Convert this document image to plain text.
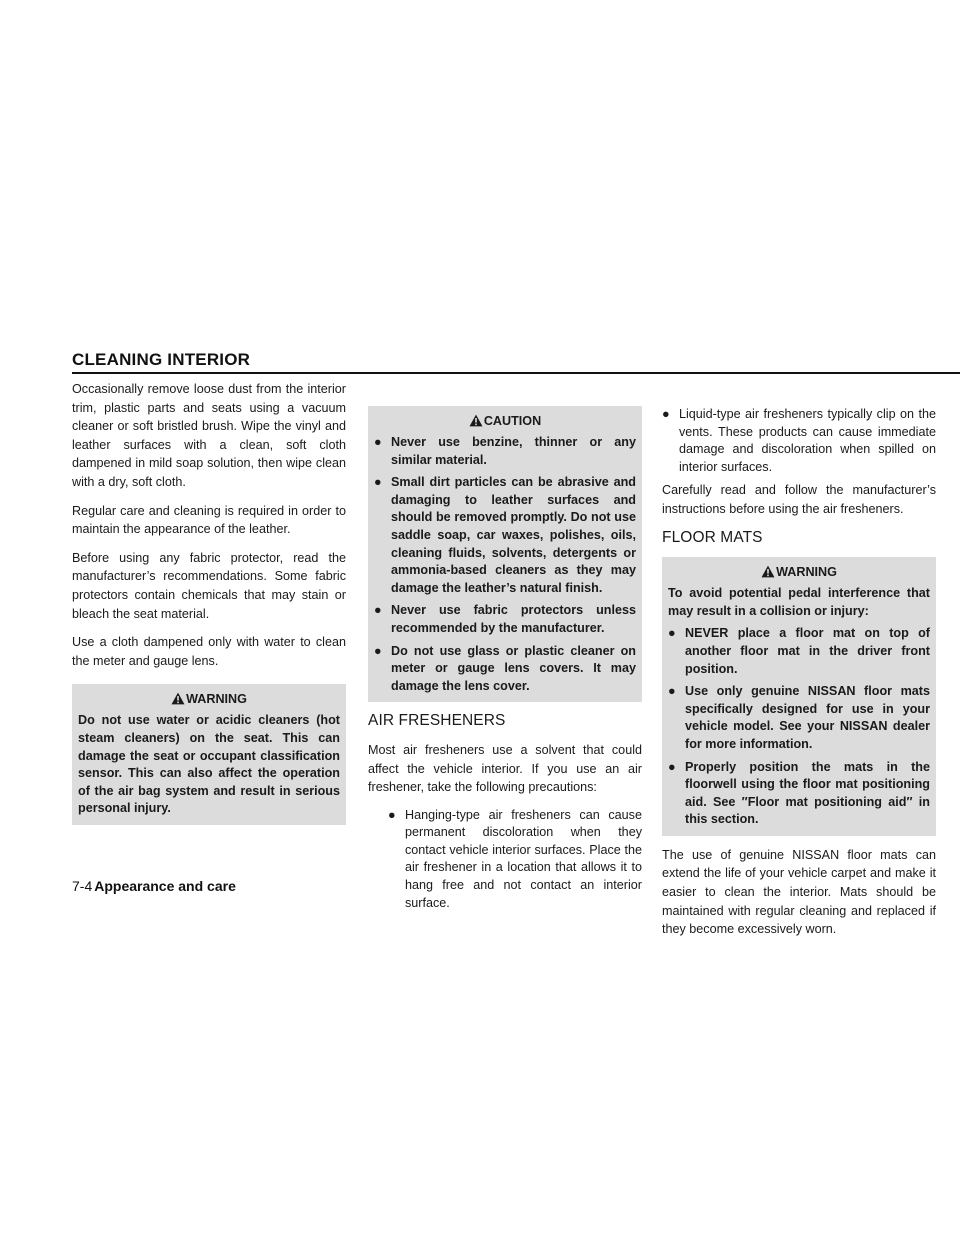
CLEANING INTERIOR

Occasionally remove loose dust from the interior trim, plastic parts and seats using a vacuum cleaner or soft bristled brush. Wipe the vinyl and leather surfaces with a clean, soft cloth dampened in mild soap solution, then wipe clean with a dry, soft cloth.

Regular care and cleaning is required in order to maintain the appearance of the leather.

Before using any fabric protector, read the manufacturer’s recommendations. Some fabric protectors contain chemicals that may stain or bleach the seat material.

Use a cloth dampened only with water to clean the meter and gauge lens.

WARNING

Do not use water or acidic cleaners (hot steam cleaners) on the seat. This can damage the seat or occupant classification sensor. This can also affect the operation of the air bag system and result in serious personal injury.

CAUTION
● Never use benzine, thinner or any similar material.
● Small dirt particles can be abrasive and damaging to leather surfaces and should be removed promptly. Do not use saddle soap, car waxes, polishes, oils, cleaning fluids, solvents, detergents or ammonia-based cleaners as they may damage the leather’s natural finish.
● Never use fabric protectors unless recommended by the manufacturer.
● Do not use glass or plastic cleaner on meter or gauge lens covers. It may damage the lens cover.
AIR FRESHENERS

Most air fresheners use a solvent that could affect the vehicle interior. If you use an air freshener, take the following precautions:

● Hanging-type air fresheners can cause permanent discoloration when they contact vehicle interior surfaces. Place the air freshener in a location that allows it to hang free and not contact an interior surface.
● Liquid-type air fresheners typically clip on the vents. These products can cause immediate damage and discoloration when spilled on interior surfaces.

Carefully read and follow the manufacturer’s instructions before using the air fresheners.

FLOOR MATS
WARNING

To avoid potential pedal interference that may result in a collision or injury:

● NEVER place a floor mat on top of another floor mat in the driver front position.
● Use only genuine NISSAN floor mats specifically designed for use in your vehicle model. See your NISSAN dealer for more information.
● Properly position the mats in the floorwell using the floor mat positioning aid. See ″Floor mat positioning aid″ in this section.

The use of genuine NISSAN floor mats can extend the life of your vehicle carpet and make it easier to clean the interior. Mats should be maintained with regular cleaning and replaced if they become excessively worn.

7-4 Appearance and care
